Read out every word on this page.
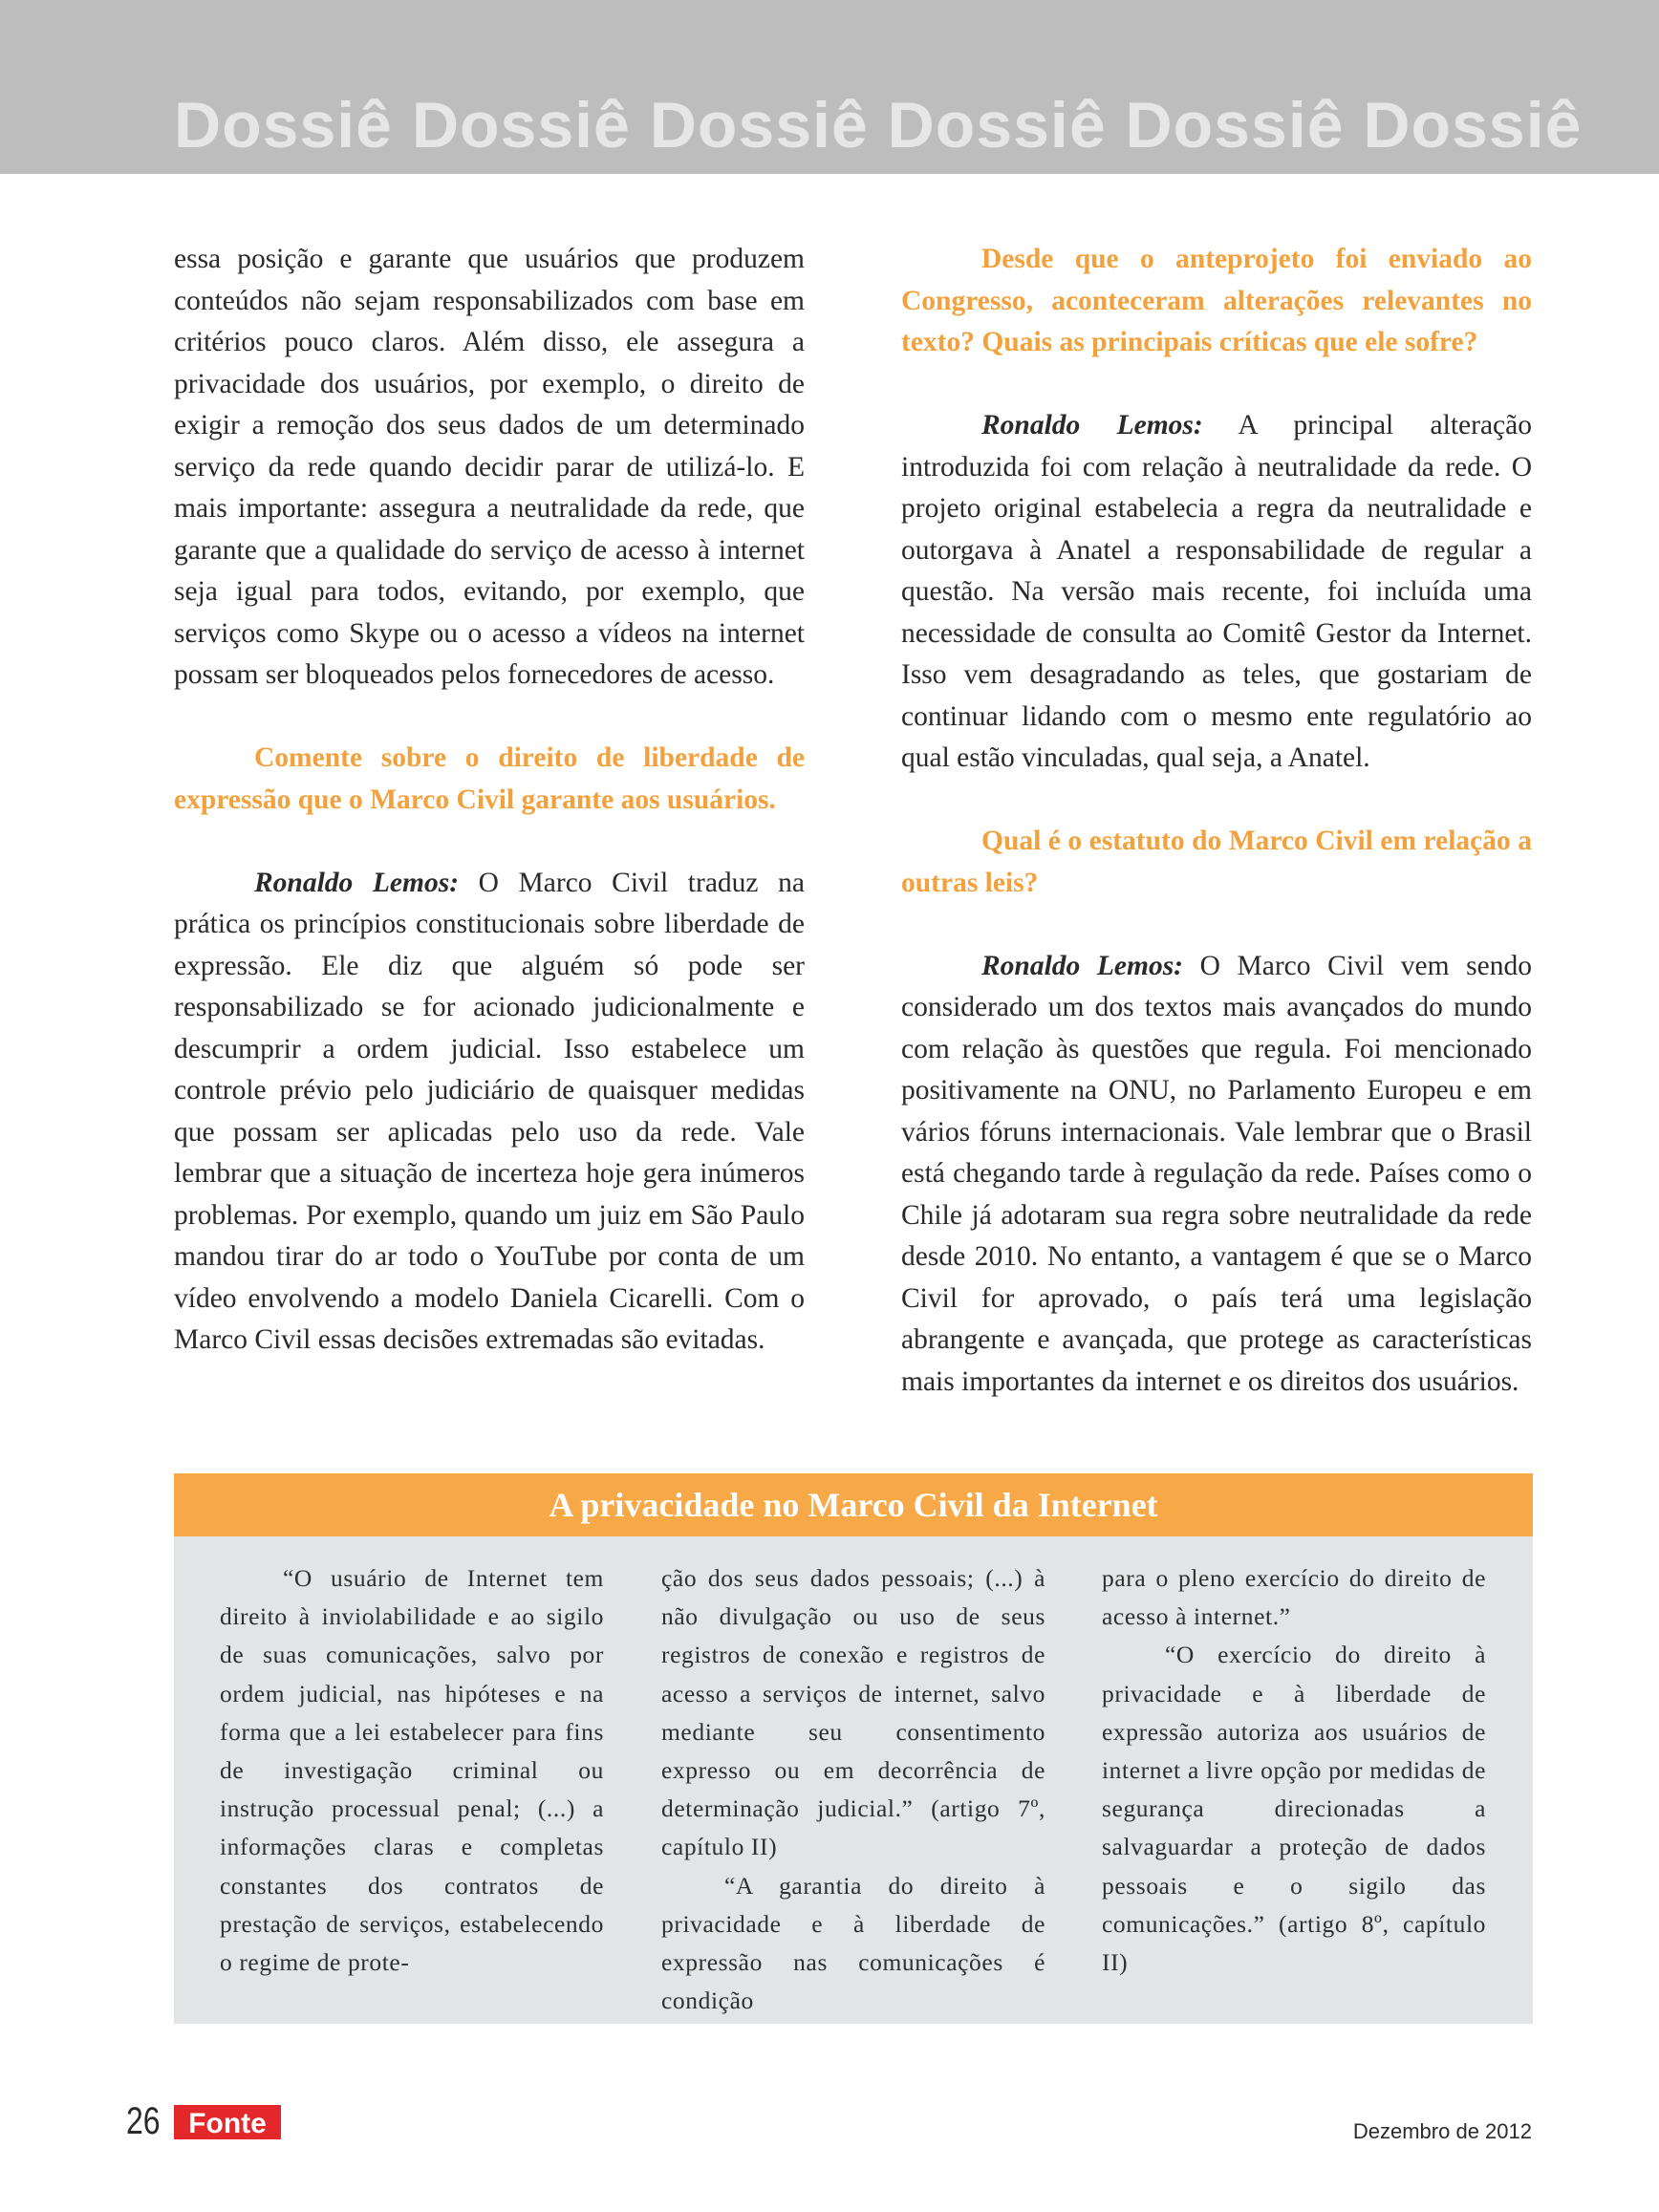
Dossiê Dossiê Dossiê Dossiê Dossiê Dossiê

essa posição e garante que usuários que produzem conteúdos não sejam responsabilizados com base em critérios pouco claros. Além disso, ele assegura a privacidade dos usuários, por exemplo, o direito de exigir a remoção dos seus dados de um determinado serviço da rede quando decidir parar de utilizá-lo. E mais importante: assegura a neutralidade da rede, que garante que a qualidade do serviço de acesso à internet seja igual para todos, evitando, por exemplo, que serviços como Skype ou o acesso a vídeos na internet possam ser bloqueados pelos fornecedores de acesso.

Comente sobre o direito de liberdade de expressão que o Marco Civil garante aos usuários.

Ronaldo Lemos: O Marco Civil traduz na prática os princípios constitucionais sobre liberdade de expressão. Ele diz que alguém só pode ser responsabilizado se for acionado judicionalmente e descumprir a ordem judicial. Isso estabelece um controle prévio pelo judiciário de quaisquer medidas que possam ser aplicadas pelo uso da rede. Vale lembrar que a situação de incerteza hoje gera inúmeros problemas. Por exemplo, quando um juiz em São Paulo mandou tirar do ar todo o YouTube por conta de um vídeo envolvendo a modelo Daniela Cicarelli. Com o Marco Civil essas decisões extremadas são evitadas.

Desde que o anteprojeto foi enviado ao Congresso, aconteceram alterações relevantes no texto? Quais as principais críticas que ele sofre?

Ronaldo Lemos: A principal alteração introduzida foi com relação à neutralidade da rede. O projeto original estabelecia a regra da neutralidade e outorgava à Anatel a responsabilidade de regular a questão. Na versão mais recente, foi incluída uma necessidade de consulta ao Comitê Gestor da Internet. Isso vem desagradando as teles, que gostariam de continuar lidando com o mesmo ente regulatório ao qual estão vinculadas, qual seja, a Anatel.

Qual é o estatuto do Marco Civil em relação a outras leis?

Ronaldo Lemos: O Marco Civil vem sendo considerado um dos textos mais avançados do mundo com relação às questões que regula. Foi mencionado positivamente na ONU, no Parlamento Europeu e em vários fóruns internacionais. Vale lembrar que o Brasil está chegando tarde à regulação da rede. Países como o Chile já adotaram sua regra sobre neutralidade da rede desde 2010. No entanto, a vantagem é que se o Marco Civil for aprovado, o país terá uma legislação abrangente e avançada, que protege as características mais importantes da internet e os direitos dos usuários.

A privacidade no Marco Civil da Internet

“O usuário de Internet tem direito à inviolabilidade e ao sigilo de suas comunicações, salvo por ordem judicial, nas hipóteses e na forma que a lei estabelecer para fins de investigação criminal ou instrução processual penal; (...) a informações claras e completas constantes dos contratos de prestação de serviços, estabelecendo o regime de prote-

ção dos seus dados pessoais; (...) à não divulgação ou uso de seus registros de conexão e registros de acesso a serviços de internet, salvo mediante seu consentimento expresso ou em decorrência de determinação judicial.” (artigo 7º, capítulo II)

“A garantia do direito à privacidade e à liberdade de expressão nas comunicações é condição

para o pleno exercício do direito de acesso à internet.”

“O exercício do direito à privacidade e à liberdade de expressão autoriza aos usuários de internet a livre opção por medidas de segurança direcionadas a salvaguardar a proteção de dados pessoais e o sigilo das comunicações.” (artigo 8º, capítulo II)

26 Fonte	Dezembro de 2012
